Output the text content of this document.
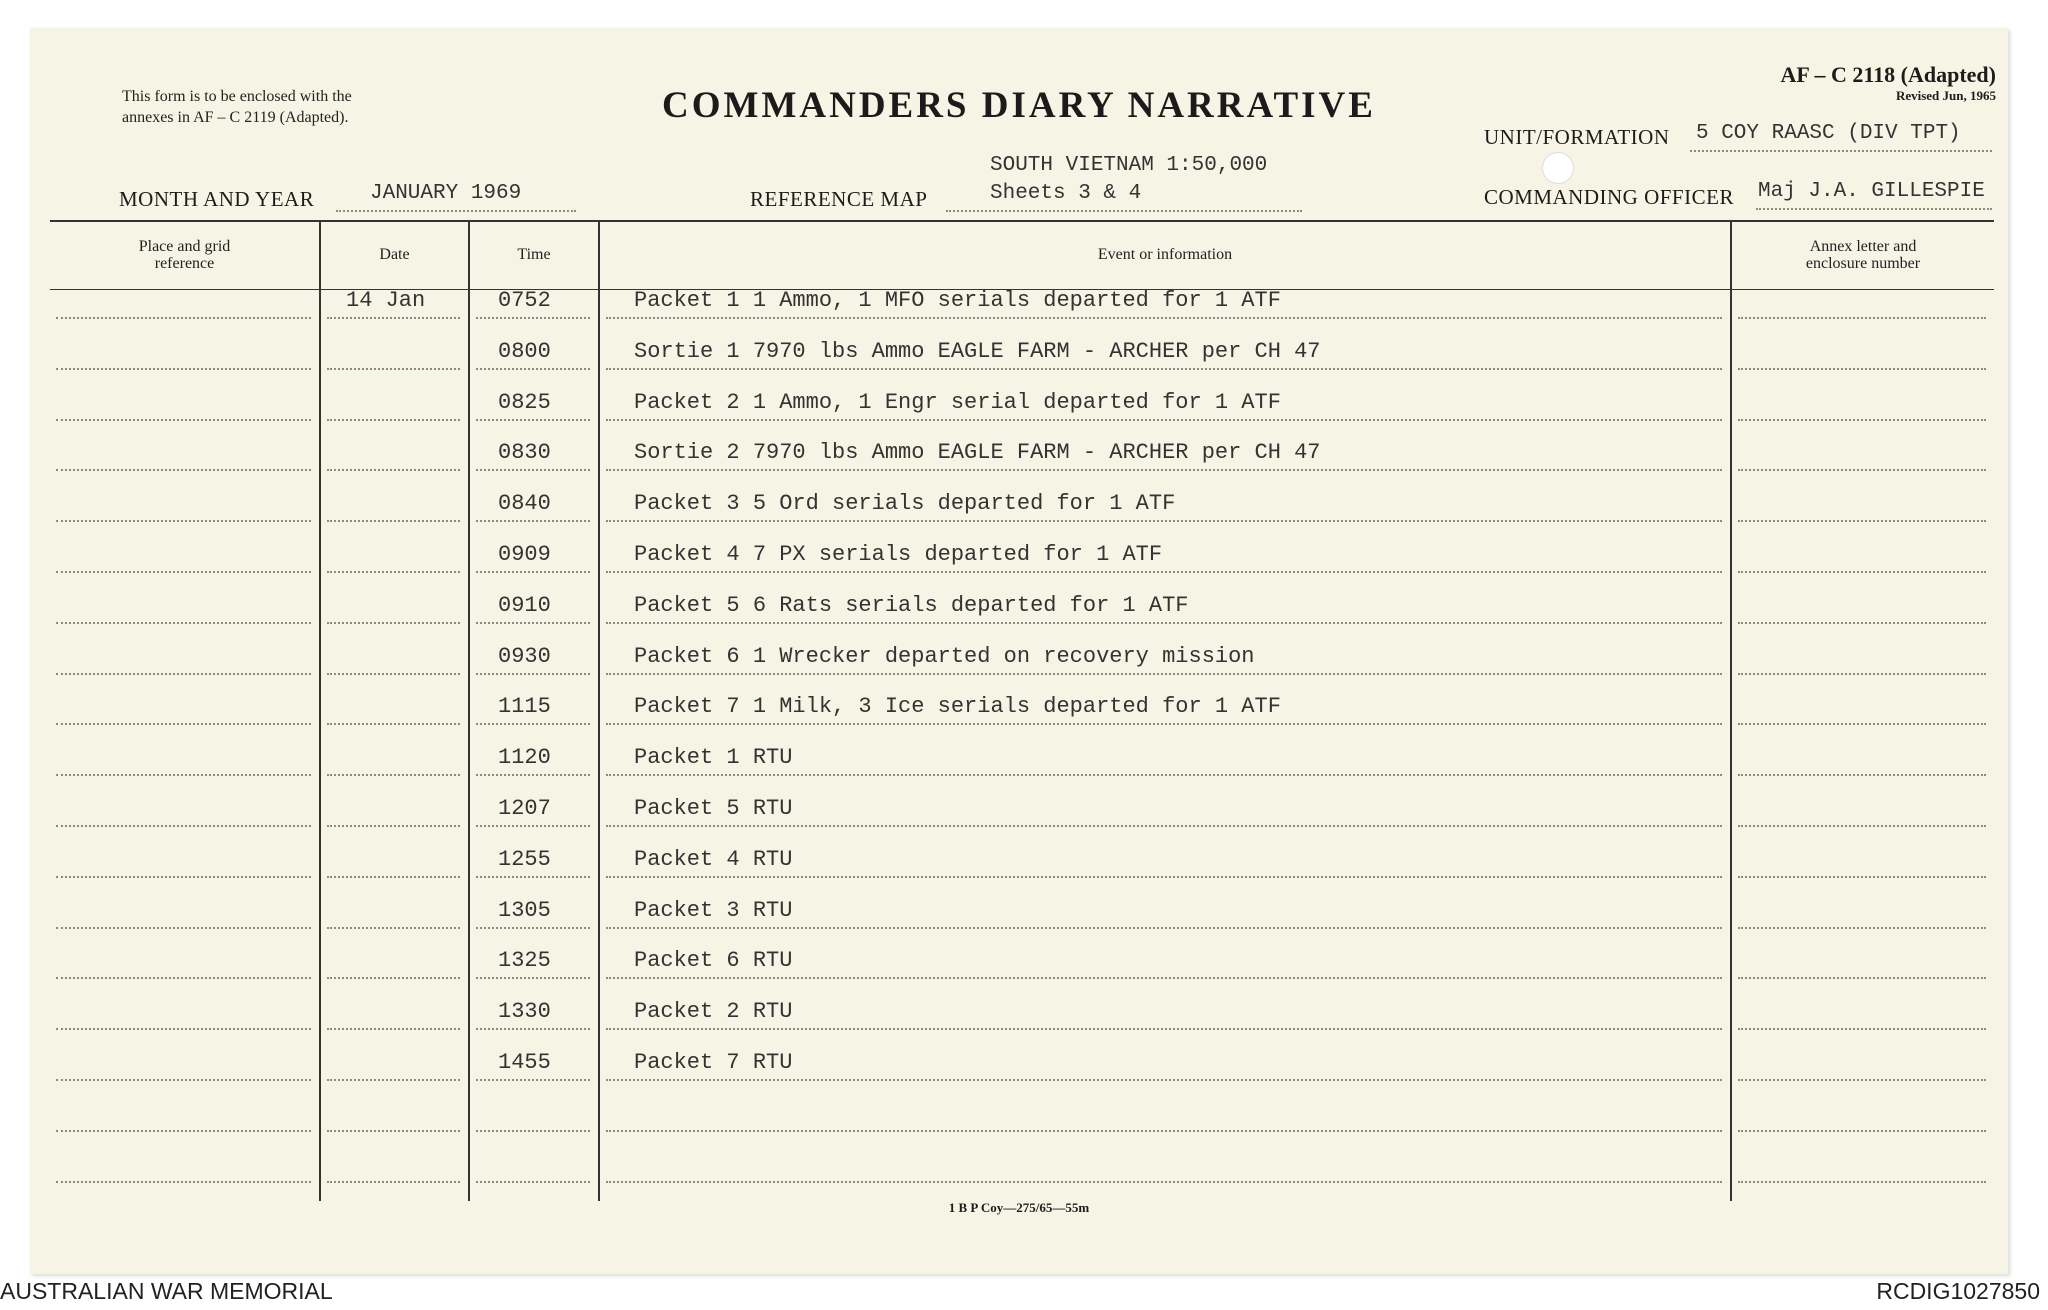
This form is to be enclosed with the
annexes in AF – C 2119 (Adapted).	COMMANDERS DIARY NARRATIVE
AF – C 2118 (Adapted)
Revised Jun, 1965
UNIT/FORMATION 5 COY RAASC (DIV TPT)
MONTH AND YEAR	JANUARY 1969	REFERENCE MAP
SOUTH VIETNAM 1:50,000
Sheets 3 & 4	COMMANDING OFFICER Maj J.A. GILLESPIE
Place and grid
reference
Date	Time	Event or information	Annex letter and
enclosure number
14 Jan	0752	Packet 1 1 Ammo, 1 MFO serials departed for 1 ATF
0800	Sortie 1 7970 lbs Ammo EAGLE FARM - ARCHER per CH 47
0825	Packet 2 1 Ammo, 1 Engr serial departed for 1 ATF
0830	Sortie 2 7970 lbs Ammo EAGLE FARM - ARCHER per CH 47
0840	Packet 3 5 Ord serials departed for 1 ATF
0909	Packet 4 7 PX serials departed for 1 ATF
0910	Packet 5 6 Rats serials departed for 1 ATF
0930	Packet 6 1 Wrecker departed on recovery mission
1115	Packet 7 1 Milk, 3 Ice serials departed for 1 ATF
1120	Packet 1 RTU
1207	Packet 5 RTU
1255	Packet 4 RTU
1305	Packet 3 RTU
1325	Packet 6 RTU
1330	Packet 2 RTU
1455	Packet 7 RTU
1 B P Coy—275/65—55m
AUSTRALIAN WAR MEMORIAL	RCDIG1027850
